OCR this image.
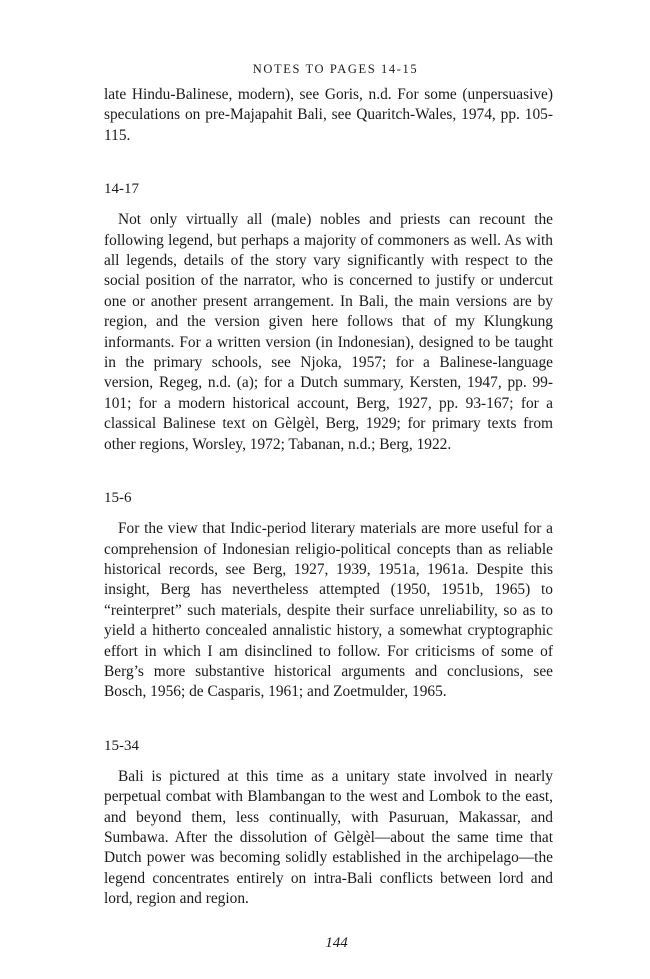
NOTES TO PAGES 14-15

late Hindu-Balinese, modern), see Goris, n.d. For some (unpersuasive) speculations on pre-Majapahit Bali, see Quaritch-Wales, 1974, pp. 105-115.

14-17

Not only virtually all (male) nobles and priests can recount the following legend, but perhaps a majority of commoners as well. As with all legends, details of the story vary significantly with respect to the social position of the narrator, who is concerned to justify or undercut one or another present arrangement. In Bali, the main versions are by region, and the version given here follows that of my Klungkung informants. For a written version (in Indonesian), designed to be taught in the primary schools, see Njoka, 1957; for a Balinese-language version, Regeg, n.d. (a); for a Dutch summary, Kersten, 1947, pp. 99-101; for a modern historical account, Berg, 1927, pp. 93-167; for a classical Balinese text on Gèlgèl, Berg, 1929; for primary texts from other regions, Worsley, 1972; Tabanan, n.d.; Berg, 1922.

15-6

For the view that Indic-period literary materials are more useful for a comprehension of Indonesian religio-political concepts than as reliable historical records, see Berg, 1927, 1939, 1951a, 1961a. Despite this insight, Berg has nevertheless attempted (1950, 1951b, 1965) to “reinterpret” such materials, despite their surface unreliability, so as to yield a hitherto concealed annalistic history, a somewhat cryptographic effort in which I am disinclined to follow. For criticisms of some of Berg’s more substantive historical arguments and conclusions, see Bosch, 1956; de Casparis, 1961; and Zoetmulder, 1965.

15-34

Bali is pictured at this time as a unitary state involved in nearly perpetual combat with Blambangan to the west and Lombok to the east, and beyond them, less continually, with Pasuruan, Makassar, and Sumbawa. After the dissolution of Gèlgèl—about the same time that Dutch power was becoming solidly established in the archipelago—the legend concentrates entirely on intra-Bali conflicts between lord and lord, region and region.

144
